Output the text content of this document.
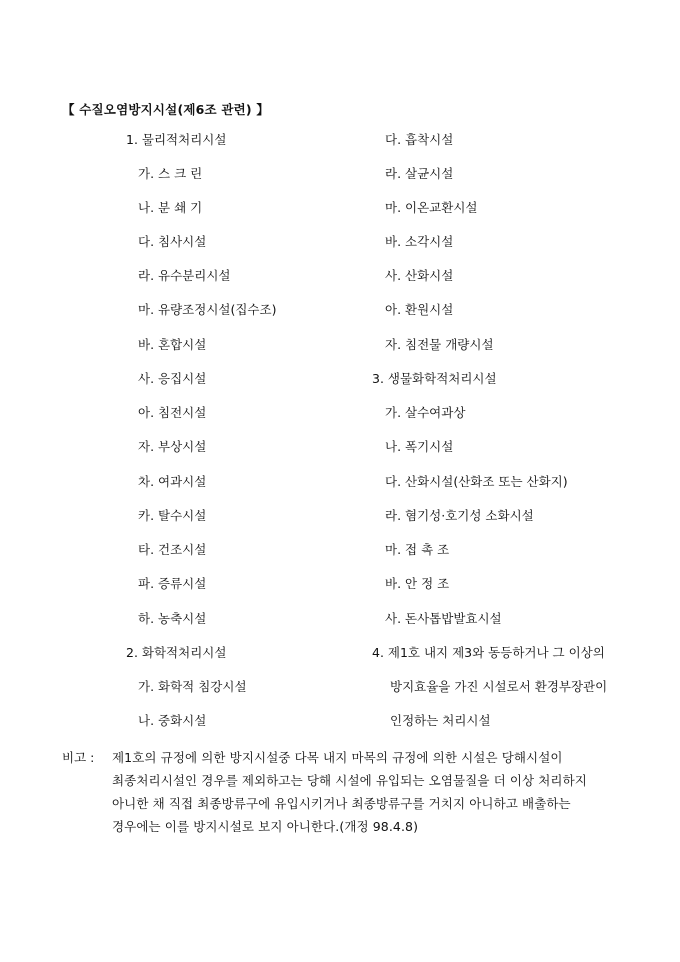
【 수질오염방지시설(제6조 관련) 】
1. 물리적처리시설
가. 스 크 린
나. 분 쇄 기
다. 침사시설
라. 유수분리시설
마. 유량조정시설(집수조)
바. 혼합시설
사. 응집시설
아. 침전시설
자. 부상시설
차. 여과시설
카. 탈수시설
타. 건조시설
파. 증류시설
하. 농축시설
2. 화학적처리시설
가. 화학적 침강시설
나. 중화시설
다. 흡착시설
라. 살균시설
마. 이온교환시설
바. 소각시설
사. 산화시설
아. 환원시설
자. 침전물 개량시설
3. 생물화학적처리시설
가. 살수여과상
나. 폭기시설
다. 산화시설(산화조 또는 산화지)
라. 혐기성·호기성 소화시설
마. 접 촉 조
바. 안 정 조
사. 돈사톱밥발효시설
4. 제1호 내지 제3와 동등하거나 그 이상의
방지효율을 가진 시설로서 환경부장관이
인정하는 처리시설
비고 : 제1호의 규정에 의한 방지시설중 다목 내지 마목의 규정에 의한 시설은 당해시설이
최종처리시설인 경우를 제외하고는 당해 시설에 유입되는 오염물질을 더 이상 처리하지
아니한 채 직접 최종방류구에 유입시키거나 최종방류구를 거치지 아니하고 배출하는
경우에는 이를 방지시설로 보지 아니한다.(개정 98.4.8)
